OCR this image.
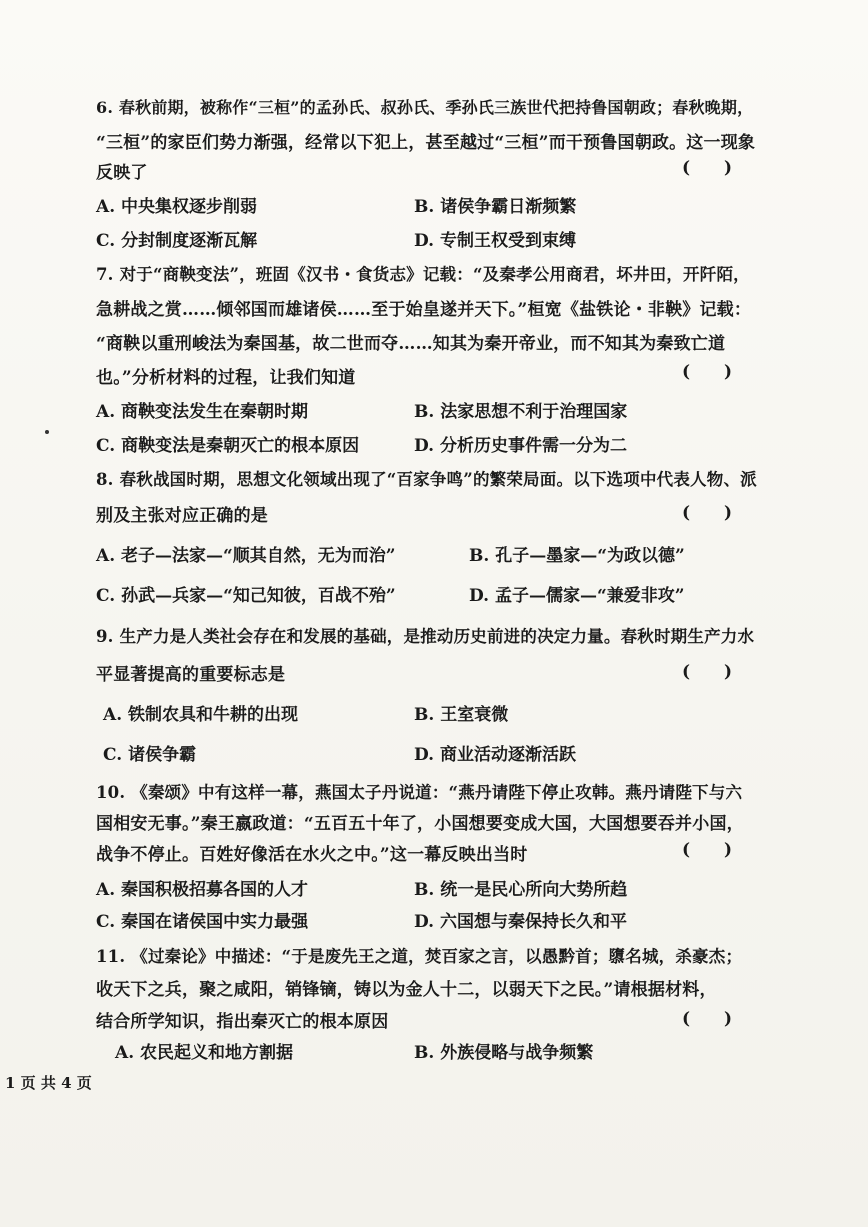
6. 春秋前期，被称作“三桓”的孟孙氏、叔孙氏、季孙氏三族世代把持鲁国朝政；春秋晚期，
“三桓”的家臣们势力渐强，经常以下犯上，甚至越过“三桓”而干预鲁国朝政。这一现象
反映了	(　　)
A. 中央集权逐步削弱	B. 诸侯争霸日渐频繁
C. 分封制度逐渐瓦解	D. 专制王权受到束缚
7. 对于“商鞅变法”，班固《汉书・食货志》记载：“及秦孝公用商君，坏井田，开阡陌，
急耕战之赏……倾邻国而雄诸侯……至于始皇遂并天下。”桓宽《盐铁论・非鞅》记载：
“商鞅以重刑峻法为秦国基，故二世而夺……知其为秦开帝业，而不知其为秦致亡道
也。”分析材料的过程，让我们知道	(　　)
A. 商鞅变法发生在秦朝时期	B. 法家思想不利于治理国家
C. 商鞅变法是秦朝灭亡的根本原因	D. 分析历史事件需一分为二
8. 春秋战国时期，思想文化领域出现了“百家争鸣”的繁荣局面。以下选项中代表人物、派
别及主张对应正确的是	(　　)
A. 老子—法家—“顺其自然，无为而治”	B. 孔子—墨家—“为政以德”
C. 孙武—兵家—“知己知彼，百战不殆”	D. 孟子—儒家—“兼爱非攻”
9. 生产力是人类社会存在和发展的基础，是推动历史前进的决定力量。春秋时期生产力水
平显著提高的重要标志是	(　　)
A. 铁制农具和牛耕的出现	B. 王室衰微
C. 诸侯争霸	D. 商业活动逐渐活跃
10. 《秦颂》中有这样一幕，燕国太子丹说道：“燕丹请陛下停止攻韩。燕丹请陛下与六
国相安无事。”秦王嬴政道：“五百五十年了，小国想要变成大国，大国想要吞并小国，
战争不停止。百姓好像活在水火之中。”这一幕反映出当时	(　　)
A. 秦国积极招募各国的人才	B. 统一是民心所向大势所趋
C. 秦国在诸侯国中实力最强	D. 六国想与秦保持长久和平
11. 《过秦论》中描述：“于是废先王之道，焚百家之言，以愚黔首；隳名城，杀豪杰；
收天下之兵，聚之咸阳，销锋镝，铸以为金人十二，以弱天下之民。”请根据材料，
结合所学知识，指出秦灭亡的根本原因	(　　)
A. 农民起义和地方割据	B. 外族侵略与战争频繁
1 页 共 4 页
